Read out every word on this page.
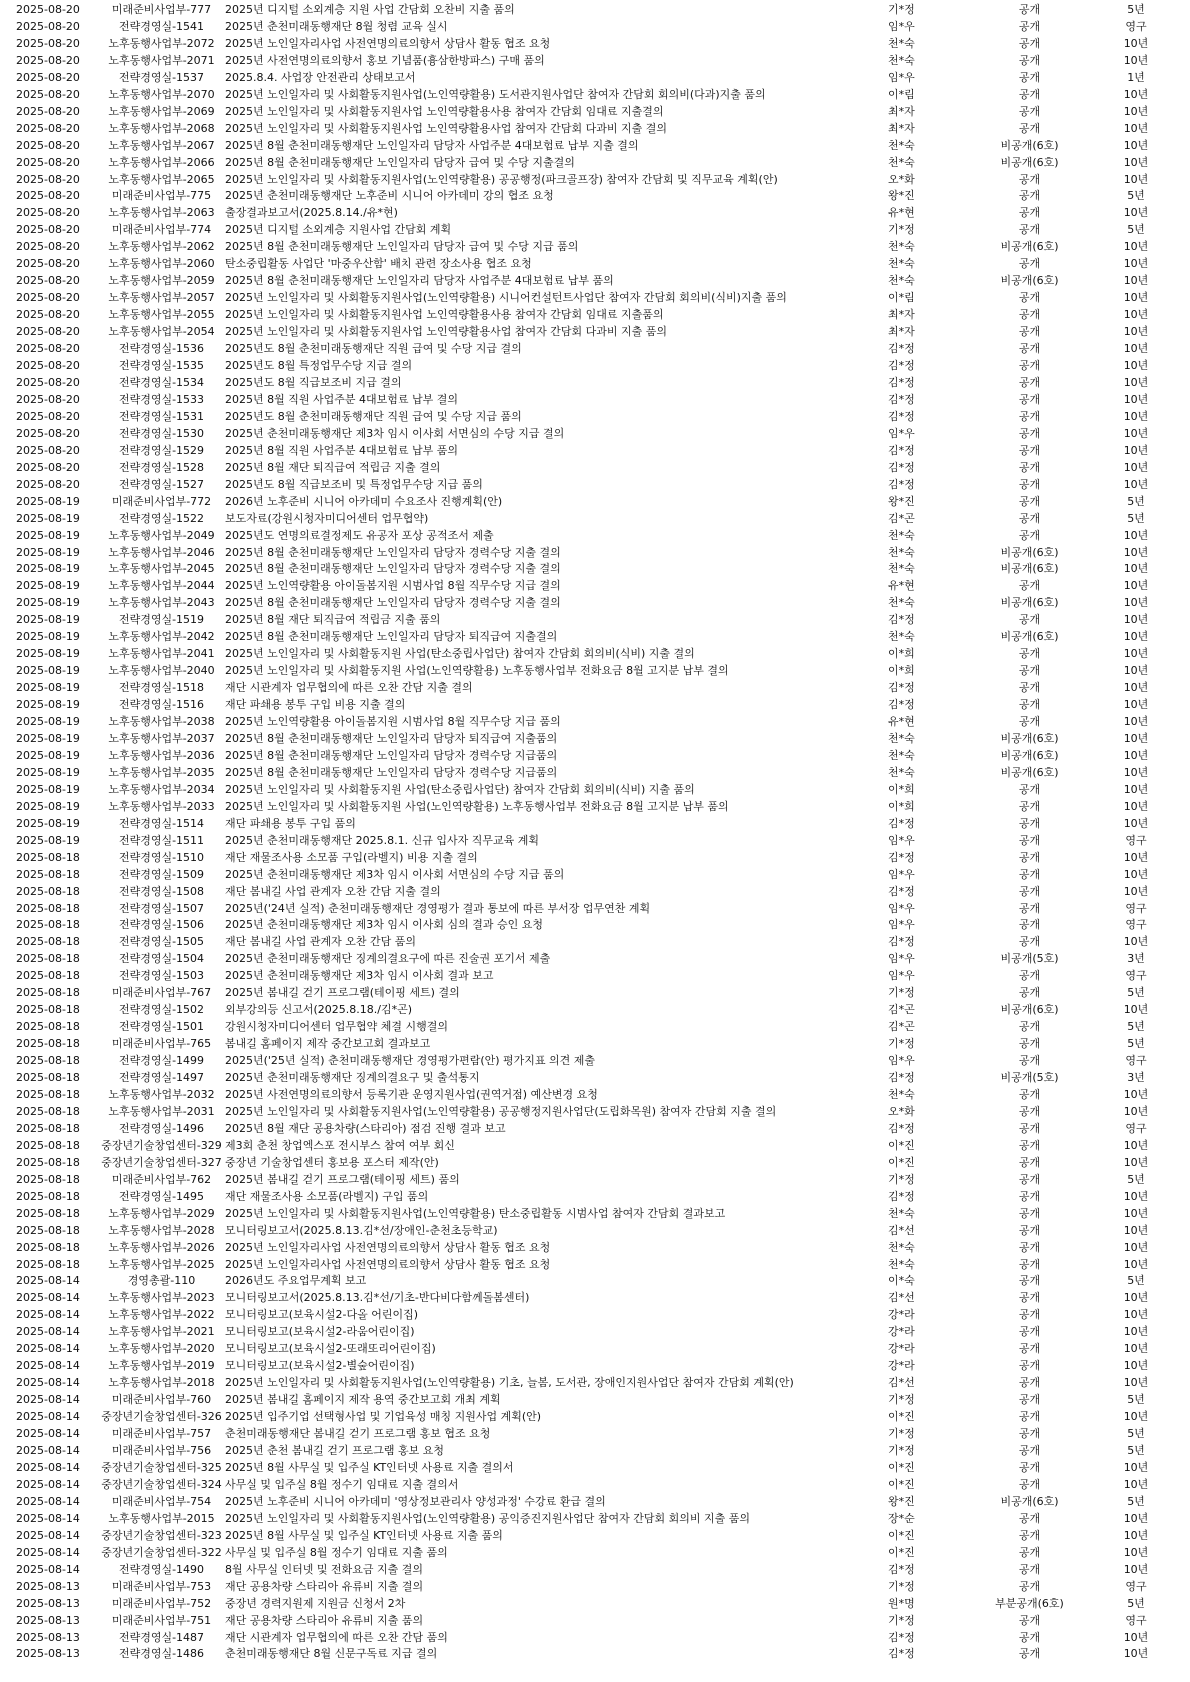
2025-08-20	미래준비사업부-777	2025년 디지털 소외계층 지원 사업 간담회 오찬비 지출 품의	기*정	공개	5년
2025-08-20	전략경영실-1541	2025년 춘천미래동행재단 8월 청렴 교육 실시	임*우	공개	영구
2025-08-20	노후동행사업부-2072	2025년 노인일자리사업 사전연명의료의향서 상담사 활동 협조 요청	천*숙	공개	10년
2025-08-20	노후동행사업부-2071	2025년 사전연명의료의향서 홍보 기념품(흉삼한방파스) 구매 품의	천*숙	공개	10년
2025-08-20	전략경영실-1537	2025.8.4. 사업장 안전관리 상태보고서	임*우	공개	1년
2025-08-20	노후동행사업부-2070	2025년 노인일자리 및 사회활동지원사업(노인역량활용) 도서관지원사업단 참여자 간담회 회의비(다과)지출 품의	이*림	공개	10년
2025-08-20	노후동행사업부-2069	2025년 노인일자리 및 사회활동지원사업 노인역량활용사용 참여자 간담회 임대료 지출결의	최*자	공개	10년
2025-08-20	노후동행사업부-2068	2025년 노인일자리 및 사회활동지원사업 노인역량활용사업 참여자 간담회 다과비 지출 결의	최*자	공개	10년
2025-08-20	노후동행사업부-2067	2025년 8월 춘천미래동행재단 노인일자리 담당자 사업주분 4대보험료 납부 지출 결의	천*숙	비공개(6호)	10년
2025-08-20	노후동행사업부-2066	2025년 8월 춘천미래동행재단 노인일자리 담당자 급여 및 수당 지출결의	천*숙	비공개(6호)	10년
2025-08-20	노후동행사업부-2065	2025년 노인일자리 및 사회활동지원사업(노인역량활용) 공공행정(파크골프장) 참여자 간담회 및 직무교육 계획(안)	오*화	공개	10년
2025-08-20	미래준비사업부-775	2025년 춘천미래동행재단 노후준비 시니어 아카데미 강의 협조 요청	왕*진	공개	5년
2025-08-20	노후동행사업부-2063	출장결과보고서(2025.8.14./유*현)	유*현	공개	10년
2025-08-20	미래준비사업부-774	2025년 디지털 소외계층 지원사업 간담회 계획	기*정	공개	5년
2025-08-20	노후동행사업부-2062	2025년 8월 춘천미래동행재단 노인일자리 담당자 급여 및 수당 지급 품의	천*숙	비공개(6호)	10년
2025-08-20	노후동행사업부-2060	탄소중립활동 사업단 '마중우산함' 배치 관련 장소사용 협조 요청	천*숙	공개	10년
2025-08-20	노후동행사업부-2059	2025년 8월 춘천미래동행재단 노인일자리 담당자 사업주분 4대보험료 납부 품의	천*숙	비공개(6호)	10년
2025-08-20	노후동행사업부-2057	2025년 노인일자리 및 사회활동지원사업(노인역량활용) 시니어컨설턴트사업단 참여자 간담회 회의비(식비)지출 품의	이*림	공개	10년
2025-08-20	노후동행사업부-2055	2025년 노인일자리 및 사회활동지원사업 노인역량활용사용 참여자 간담회 임대료 지출품의	최*자	공개	10년
2025-08-20	노후동행사업부-2054	2025년 노인일자리 및 사회활동지원사업 노인역량활용사업 참여자 간담회 다과비 지출 품의	최*자	공개	10년
2025-08-20	전략경영실-1536	2025년도 8월 춘천미래동행재단 직원 급여 및 수당 지급 결의	김*정	공개	10년
2025-08-20	전략경영실-1535	2025년도 8월 특정업무수당 지급 결의	김*정	공개	10년
2025-08-20	전략경영실-1534	2025년도 8월 직급보조비 지급 결의	김*정	공개	10년
2025-08-20	전략경영실-1533	2025년 8월 직원 사업주분 4대보험료 납부 결의	김*정	공개	10년
2025-08-20	전략경영실-1531	2025년도 8월 춘천미래동행재단 직원 급여 및 수당 지급 품의	김*정	공개	10년
2025-08-20	전략경영실-1530	2025년 춘천미래동행재단 제3차 임시 이사회 서면심의 수당 지급 결의	임*우	공개	10년
2025-08-20	전략경영실-1529	2025년 8월 직원 사업주분 4대보험료 납부 품의	김*정	공개	10년
2025-08-20	전략경영실-1528	2025년 8월 재단 퇴직급여 적립금 지출 결의	김*정	공개	10년
2025-08-20	전략경영실-1527	2025년도 8월 직급보조비 및 특정업무수당 지급 품의	김*정	공개	10년
2025-08-19	미래준비사업부-772	2026년 노후준비 시니어 아카데미 수요조사 진행계획(안)	왕*진	공개	5년
2025-08-19	전략경영실-1522	보도자료(강원시청자미디어센터 업무협약)	김*곤	공개	5년
2025-08-19	노후동행사업부-2049	2025년도 연명의료결정제도 유공자 포상 공적조서 제출	천*숙	공개	10년
2025-08-19	노후동행사업부-2046	2025년 8월 춘천미래동행재단 노인일자리 담당자 경력수당 지출 결의	천*숙	비공개(6호)	10년
2025-08-19	노후동행사업부-2045	2025년 8월 춘천미래동행재단 노인일자리 담당자 경력수당 지출 결의	천*숙	비공개(6호)	10년
2025-08-19	노후동행사업부-2044	2025년 노인역량활용 아이돌봄지원 시범사업 8월 직무수당 지급 결의	유*현	공개	10년
2025-08-19	노후동행사업부-2043	2025년 8월 춘천미래동행재단 노인일자리 담당자 경력수당 지출 결의	천*숙	비공개(6호)	10년
2025-08-19	전략경영실-1519	2025년 8월 재단 퇴직급여 적립금 지출 품의	김*정	공개	10년
2025-08-19	노후동행사업부-2042	2025년 8월 춘천미래동행재단 노인일자리 담당자 퇴직급여 지출결의	천*숙	비공개(6호)	10년
2025-08-19	노후동행사업부-2041	2025년 노인일자리 및 사회활동지원 사업(탄소중립사업단) 참여자 간담회 회의비(식비) 지출 결의	이*희	공개	10년
2025-08-19	노후동행사업부-2040	2025년 노인일자리 및 사회활동지원 사업(노인역량활용) 노후동행사업부 전화요금 8월 고지분 납부 결의	이*희	공개	10년
2025-08-19	전략경영실-1518	재단 시관계자 업무협의에 따른 오찬 간담 지출 결의	김*정	공개	10년
2025-08-19	전략경영실-1516	재단 파쇄용 봉투 구입 비용 지출 결의	김*정	공개	10년
2025-08-19	노후동행사업부-2038	2025년 노인역량활용 아이돌봄지원 시범사업 8월 직무수당 지급 품의	유*현	공개	10년
2025-08-19	노후동행사업부-2037	2025년 8월 춘천미래동행재단 노인일자리 담당자 퇴직급여 지출품의	천*숙	비공개(6호)	10년
2025-08-19	노후동행사업부-2036	2025년 8월 춘천미래동행재단 노인일자리 담당자 경력수당 지급품의	천*숙	비공개(6호)	10년
2025-08-19	노후동행사업부-2035	2025년 8월 춘천미래동행재단 노인일자리 담당자 경력수당 지급품의	천*숙	비공개(6호)	10년
2025-08-19	노후동행사업부-2034	2025년 노인일자리 및 사회활동지원 사업(탄소중립사업단) 참여자 간담회 회의비(식비) 지출 품의	이*희	공개	10년
2025-08-19	노후동행사업부-2033	2025년 노인일자리 및 사회활동지원 사업(노인역량활용) 노후동행사업부 전화요금 8월 고지분 납부 품의	이*희	공개	10년
2025-08-19	전략경영실-1514	재단 파쇄용 봉투 구입 품의	김*정	공개	10년
2025-08-19	전략경영실-1511	2025년 춘천미래동행재단 2025.8.1. 신규 입사자 직무교육 계획	임*우	공개	영구
2025-08-18	전략경영실-1510	재단 재물조사용 소모품 구입(라벨지) 비용 지출 결의	김*정	공개	10년
2025-08-18	전략경영실-1509	2025년 춘천미래동행재단 제3차 임시 이사회 서면심의 수당 지급 품의	임*우	공개	10년
2025-08-18	전략경영실-1508	재단 봄내길 사업 관계자 오찬 간담 지출 결의	김*정	공개	10년
2025-08-18	전략경영실-1507	2025년('24년 실적) 춘천미래동행재단 경영평가 결과 통보에 따른 부서장 업무연찬 계획	임*우	공개	영구
2025-08-18	전략경영실-1506	2025년 춘천미래동행재단 제3차 임시 이사회 심의 결과 승인 요청	임*우	공개	영구
2025-08-18	전략경영실-1505	재단 봄내길 사업 관계자 오찬 간담 품의	김*정	공개	10년
2025-08-18	전략경영실-1504	2025년 춘천미래동행재단 징계의결요구에 따른 진술권 포기서 제출	임*우	비공개(5호)	3년
2025-08-18	전략경영실-1503	2025년 춘천미래동행재단 제3차 임시 이사회 결과 보고	임*우	공개	영구
2025-08-18	미래준비사업부-767	2025년 봄내길 걷기 프로그램(테이핑 세트) 결의	기*정	공개	5년
2025-08-18	전략경영실-1502	외부강의등 신고서(2025.8.18./김*곤)	김*곤	비공개(6호)	10년
2025-08-18	전략경영실-1501	강원시청자미디어센터 업무협약 체결 시행결의	김*곤	공개	5년
2025-08-18	미래준비사업부-765	봄내길 홈페이지 제작 중간보고회 결과보고	기*정	공개	5년
2025-08-18	전략경영실-1499	2025년('25년 실적) 춘천미래동행재단 경영평가편람(안) 평가지표 의견 제출	임*우	공개	영구
2025-08-18	전략경영실-1497	2025년 춘천미래동행재단 징계의결요구 및 출석통지	김*정	비공개(5호)	3년
2025-08-18	노후동행사업부-2032	2025년 사전연명의료의향서 등록기관 운영지원사업(권역거점) 예산변경 요청	천*숙	공개	10년
2025-08-18	노후동행사업부-2031	2025년 노인일자리 및 사회활동지원사업(노인역량활용) 공공행정지원사업단(도립화목원) 참여자 간담회 지출 결의	오*화	공개	10년
2025-08-18	전략경영실-1496	2025년 8월 재단 공용차량(스타리아) 점검 진행 결과 보고	김*정	공개	영구
2025-08-18	중장년기술창업센터-329	제3회 춘천 창업엑스포 전시부스 참여 여부 회신	이*진	공개	10년
2025-08-18	중장년기술창업센터-327	중장년 기술창업센터 홍보용 포스터 제작(안)	이*진	공개	10년
2025-08-18	미래준비사업부-762	2025년 봄내길 걷기 프로그램(테이핑 세트) 품의	기*정	공개	5년
2025-08-18	전략경영실-1495	재단 재물조사용 소모품(라벨지) 구입 품의	김*정	공개	10년
2025-08-18	노후동행사업부-2029	2025년 노인일자리 및 사회활동지원사업(노인역량활용) 탄소중립활동 시범사업 참여자 간담회 결과보고	천*숙	공개	10년
2025-08-18	노후동행사업부-2028	모니터링보고서(2025.8.13.김*선/장애인-춘천초등학교)	김*선	공개	10년
2025-08-18	노후동행사업부-2026	2025년 노인일자리사업 사전연명의료의향서 상담사 활동 협조 요청	천*숙	공개	10년
2025-08-18	노후동행사업부-2025	2025년 노인일자리사업 사전연명의료의향서 상담사 활동 협조 요청	천*숙	공개	10년
2025-08-14	경영총괄-110	2026년도 주요업무계획 보고	이*숙	공개	5년
2025-08-14	노후동행사업부-2023	모니터링보고서(2025.8.13.김*선/기초-반다비다함께돌봄센터)	김*선	공개	10년
2025-08-14	노후동행사업부-2022	모니터링보고(보육시설2-다올 어린이집)	강*라	공개	10년
2025-08-14	노후동행사업부-2021	모니터링보고(보육시설2-라움어린이집)	강*라	공개	10년
2025-08-14	노후동행사업부-2020	모니터링보고(보육시설2-또래또리어린이집)	강*라	공개	10년
2025-08-14	노후동행사업부-2019	모니터링보고(보육시설2-별숲어린이집)	강*라	공개	10년
2025-08-14	노후동행사업부-2018	2025년 노인일자리 및 사회활동지원사업(노인역량활용) 기초, 늘봄, 도서관, 장애인지원사업단 참여자 간담회 계획(안)	김*선	공개	10년
2025-08-14	미래준비사업부-760	2025년 봄내길 홈페이지 제작 용역 중간보고회 개최 계획	기*정	공개	5년
2025-08-14	중장년기술창업센터-326	2025년 입주기업 선택형사업 및 기업육성 매칭 지원사업 계획(안)	이*진	공개	10년
2025-08-14	미래준비사업부-757	춘천미래동행재단 봄내길 걷기 프로그램 홍보 협조 요청	기*정	공개	5년
2025-08-14	미래준비사업부-756	2025년 춘천 봄내길 걷기 프로그램 홍보 요청	기*정	공개	5년
2025-08-14	중장년기술창업센터-325	2025년 8월 사무실 및 입주실 KT인터넷 사용료 지출 결의서	이*진	공개	10년
2025-08-14	중장년기술창업센터-324	사무실 및 입주실 8월 정수기 임대료 지출 결의서	이*진	공개	10년
2025-08-14	미래준비사업부-754	2025년 노후준비 시니어 아카데미 '영상정보관리사 양성과정' 수강료 환급 결의	왕*진	비공개(6호)	5년
2025-08-14	노후동행사업부-2015	2025년 노인일자리 및 사회활동지원사업(노인역량활용) 공익증진지원사업단 참여자 간담회 회의비 지출 품의	장*순	공개	10년
2025-08-14	중장년기술창업센터-323	2025년 8월 사무실 및 입주실 KT인터넷 사용료 지출 품의	이*진	공개	10년
2025-08-14	중장년기술창업센터-322	사무실 및 입주실 8월 정수기 임대료 지출 품의	이*진	공개	10년
2025-08-14	전략경영실-1490	8월 사무실 인터넷 및 전화요금 지출 결의	김*정	공개	10년
2025-08-13	미래준비사업부-753	재단 공용차량 스타리아 유류비 지출 결의	기*정	공개	영구
2025-08-13	미래준비사업부-752	중장년 경력지원제 지원금 신청서 2차	원*명	부분공개(6호)	5년
2025-08-13	미래준비사업부-751	재단 공용차량 스타리아 유류비 지출 품의	기*정	공개	영구
2025-08-13	전략경영실-1487	재단 시관계자 업무협의에 따른 오찬 간담 품의	김*정	공개	10년
2025-08-13	전략경영실-1486	춘천미래동행재단 8월 신문구독료 지급 결의	김*정	공개	10년
